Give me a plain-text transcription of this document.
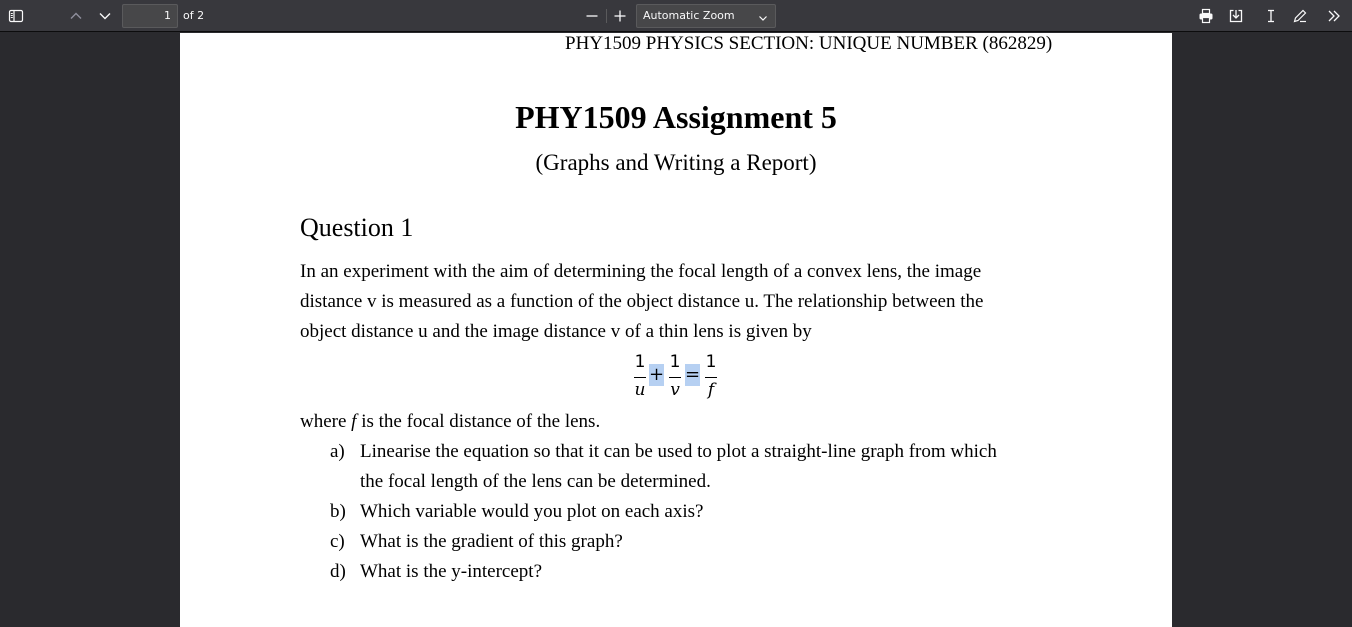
1	of 2	Automatic Zoom
PHY1509 PHYSICS SECTION: UNIQUE NUMBER (862829)
PHY1509 Assignment 5
(Graphs and Writing a Report)
Question 1
In an experiment with the aim of determining the focal length of a convex lens, the image
distance v is measured as a function of the object distance u. The relationship between the
object distance u and the image distance v of a thin lens is given by
1
u
+
1
v
=
1
f
where f is the focal distance of the lens.
a) Linearise the equation so that it can be used to plot a straight-line graph from which
the focal length of the lens can be determined.
b) Which variable would you plot on each axis?
c) What is the gradient of this graph?
d) What is the y-intercept?
